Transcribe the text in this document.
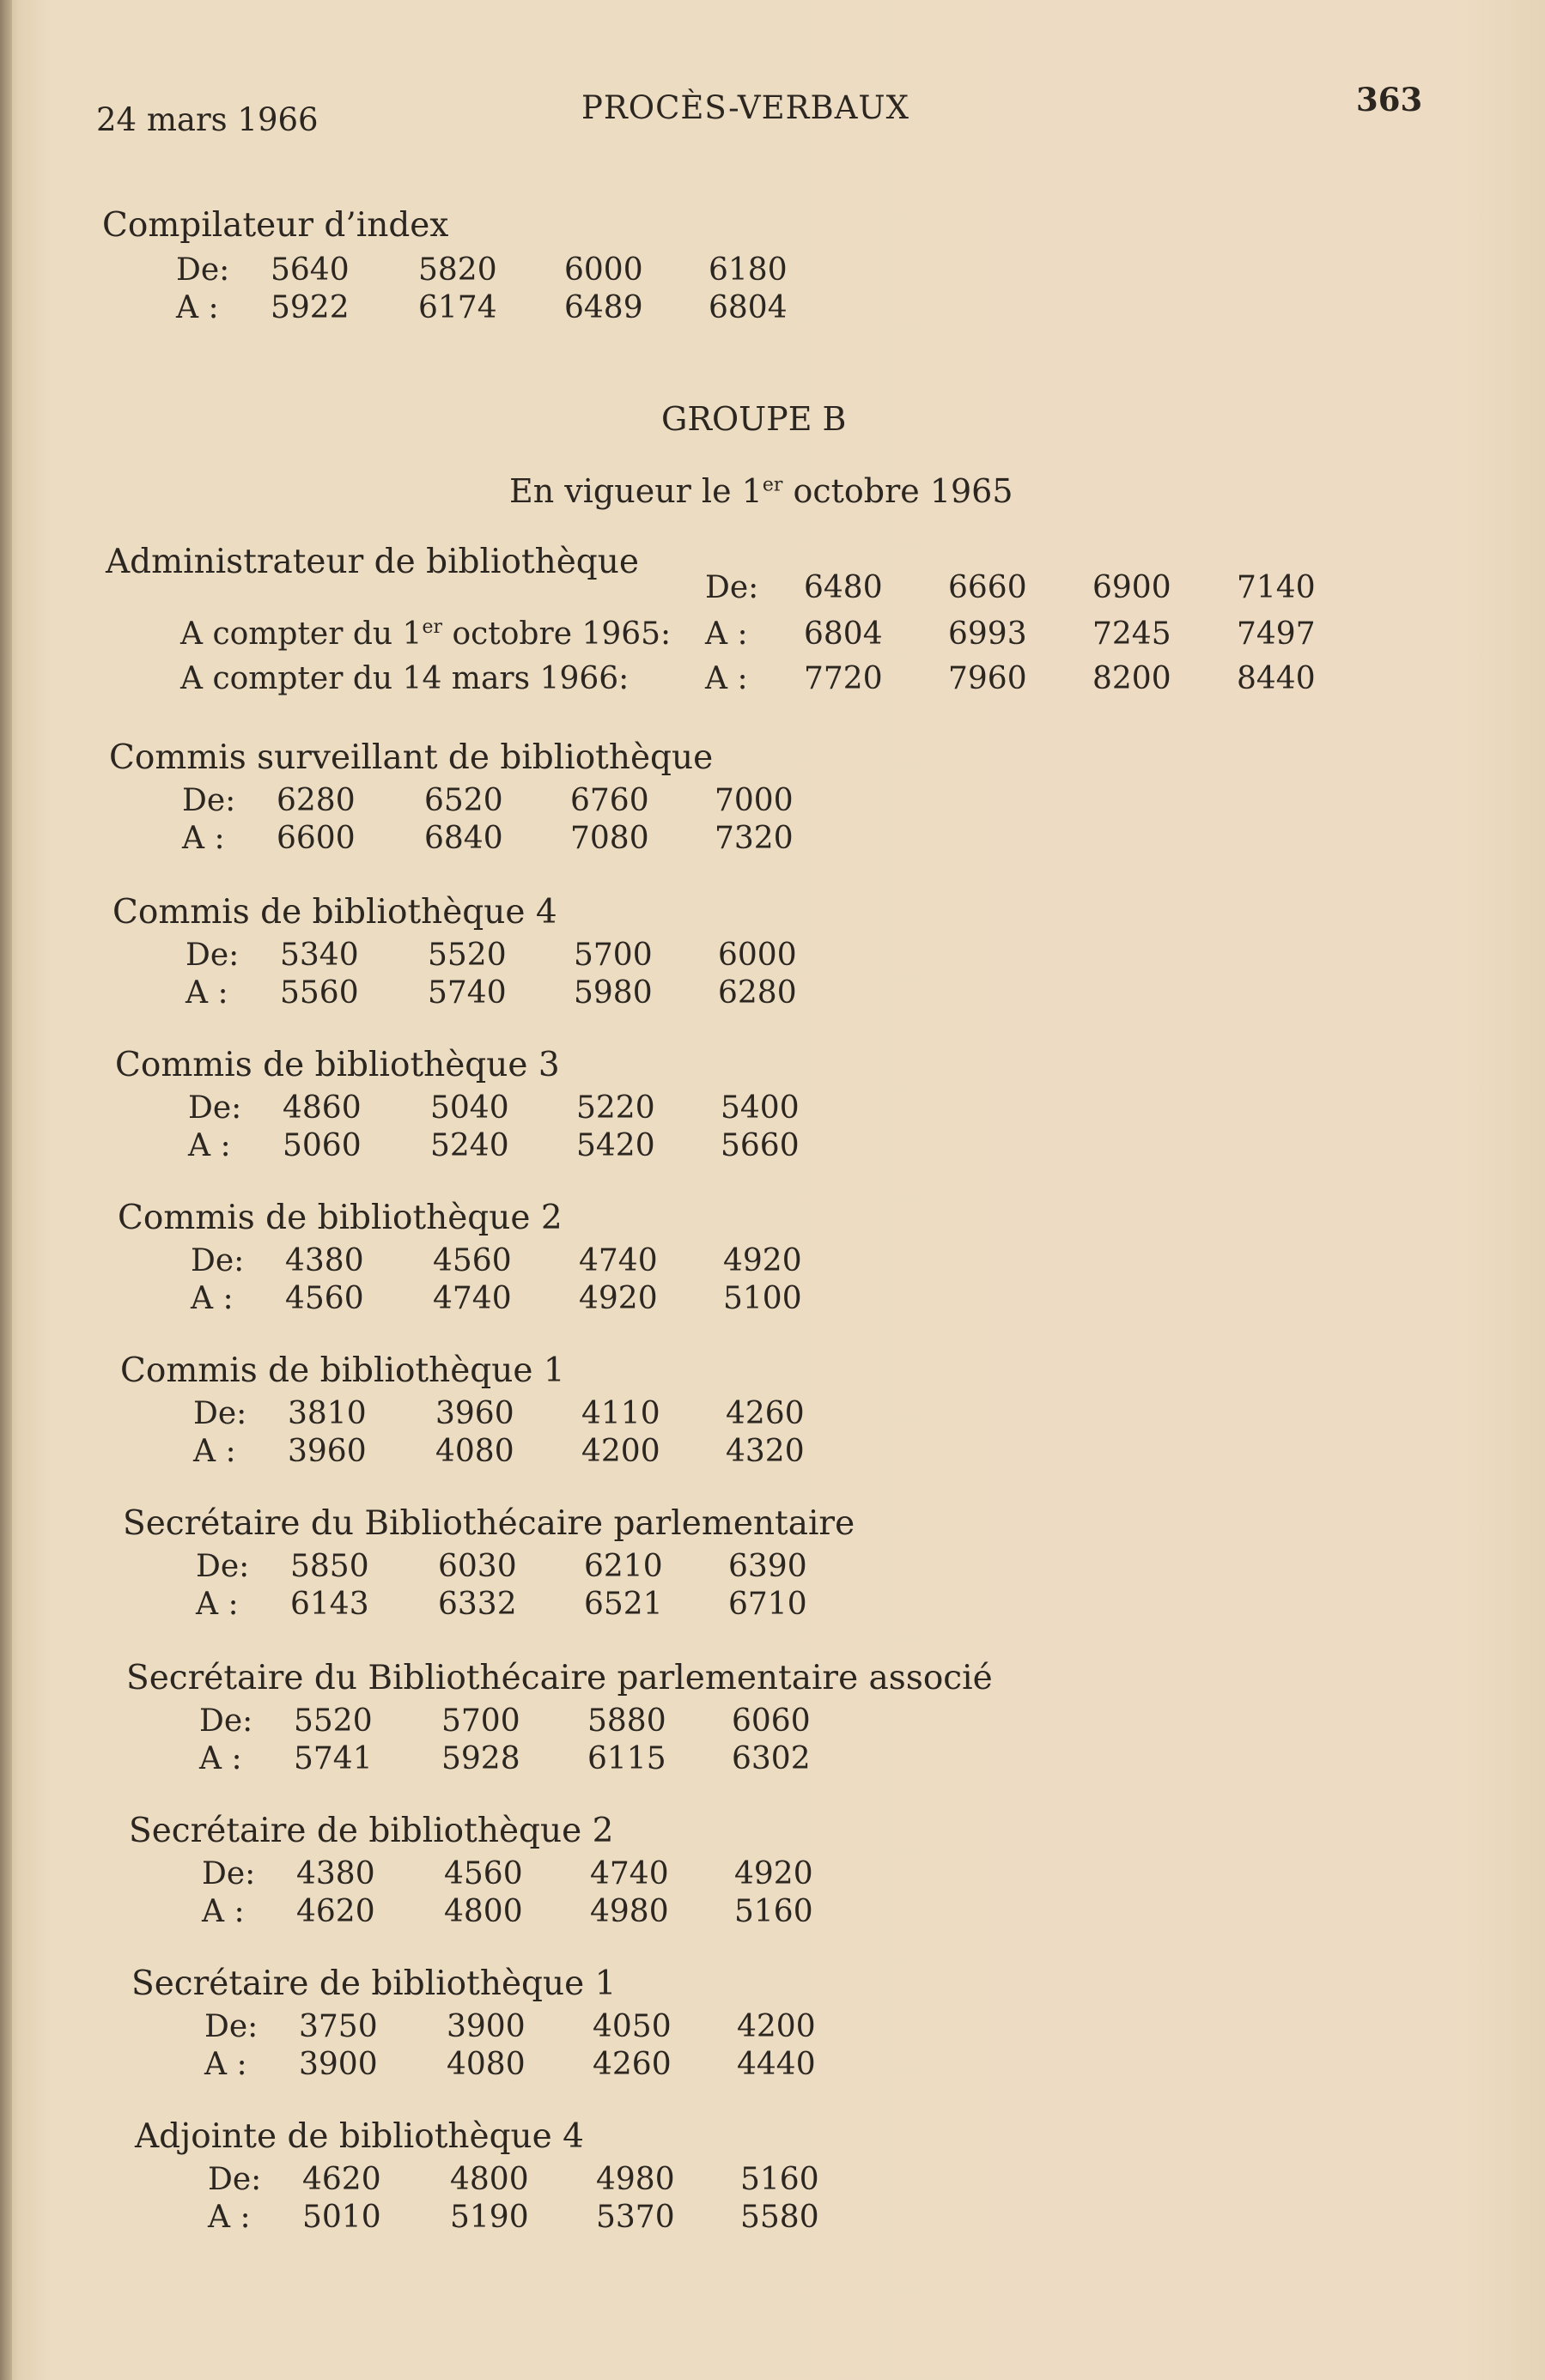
24 mars 1966	PROCÈS-VERBAUX	363
Compilateur d’index
De: 5640 5820 6000 6180
A : 5922 6174 6489 6804
GROUPE B
En vigueur le 1er octobre 1965
Administrateur de bibliothèque
De: 6480 6660 6900 7140
A compter du 1er octobre 1965: A : 6804 6993 7245 7497
A compter du 14 mars 1966: A : 7720 7960 8200 8440
Commis surveillant de bibliothèque
De: 6280 6520 6760 7000
A : 6600 6840 7080 7320
Commis de bibliothèque 4
De: 5340 5520 5700 6000
A : 5560 5740 5980 6280
Commis de bibliothèque 3
De: 4860 5040 5220 5400
A : 5060 5240 5420 5660
Commis de bibliothèque 2
De: 4380 4560 4740 4920
A : 4560 4740 4920 5100
Commis de bibliothèque 1
De: 3810 3960 4110 4260
A : 3960 4080 4200 4320
Secrétaire du Bibliothécaire parlementaire
De: 5850 6030 6210 6390
A : 6143 6332 6521 6710
Secrétaire du Bibliothécaire parlementaire associé
De: 5520 5700 5880 6060
A : 5741 5928 6115 6302
Secrétaire de bibliothèque 2
De: 4380 4560 4740 4920
A : 4620 4800 4980 5160
Secrétaire de bibliothèque 1
De: 3750 3900 4050 4200
A : 3900 4080 4260 4440
Adjointe de bibliothèque 4
De: 4620 4800 4980 5160
A : 5010 5190 5370 5580
